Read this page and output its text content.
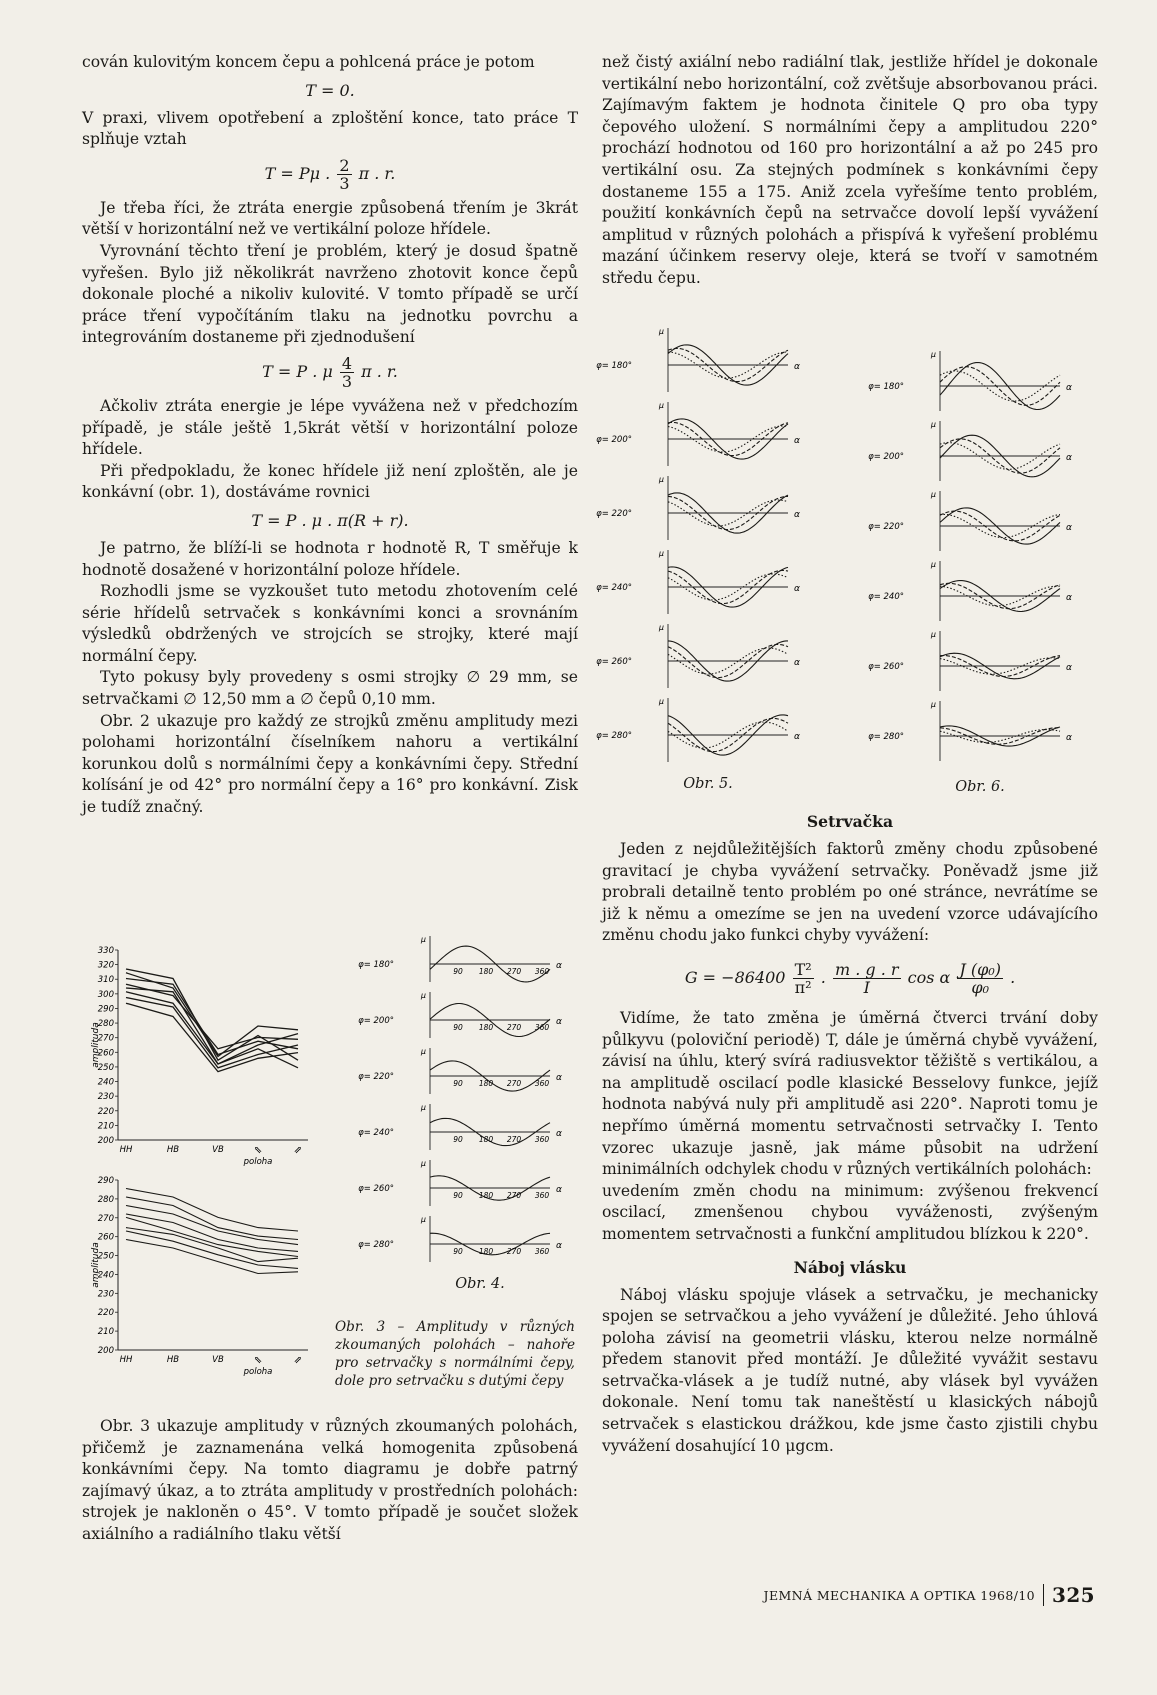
cován kulovitým koncem čepu a pohlcená práce je potom

T = 0.

V praxi, vlivem opotřebení a zploštění konce, tato práce T splňuje vztah

T = Pμ . $\frac{2}{3}$ π . r.

Je třeba říci, že ztráta energie způsobená třením je 3krát větší v horizontální než ve vertikální poloze hřídele.

Vyrovnání těchto tření je problém, který je dosud špatně vyřešen. Bylo již několikrát navrženo zhotovit konce čepů dokonale ploché a nikoliv kulovité. V tomto případě se určí práce tření vypočítáním tlaku na jednotku povrchu a integrováním dostaneme při zjednodušení

T = P . μ $\frac{4}{3}$ π . r.

Ačkoliv ztráta energie je lépe vyvážena než v předchozím případě, je stále ještě 1,5krát větší v horizontální poloze hřídele.

Při předpokladu, že konec hřídele již není zploštěn, ale je konkávní (obr. 1), dostáváme rovnici

T = P . μ . π(R + r).

Je patrno, že blíží-li se hodnota r hodnotě R, T směřuje k hodnotě dosažené v horizontální poloze hřídele.

Rozhodli jsme se vyzkoušet tuto metodu zhotovením celé série hřídelů setrvaček s konkávními konci a srovnáním výsledků obdržených ve strojcích se strojky, které mají normální čepy.

Tyto pokusy byly provedeny s osmi strojky ∅ 29 mm, se setrvačkami ∅ 12,50 mm a ∅ čepů 0,10 mm.

Obr. 2 ukazuje pro každý ze strojků změnu amplitudy mezi polohami horizontální číselníkem nahoru a vertikální korunkou dolů s normálními čepy a konkávními čepy. Střední kolísání je od 42° pro normální čepy a 16° pro konkávní. Zisk je tudíž značný.

Obr. 3 ukazuje amplitudy v různých zkoumaných polohách, přičemž je zaznamenána velká homogenita způsobená konkávními čepy. Na tomto diagramu je dobře patrný zajímavý úkaz, a to ztráta amplitudy v prostředních polohách: strojek je nakloněn o 45°. V tomto případě je součet složek axiálního a radiálního tlaku větší

než čistý axiální nebo radiální tlak, jestliže hřídel je dokonale vertikální nebo horizontální, což zvětšuje absorbovanou práci. Zajímavým faktem je hodnota činitele Q pro oba typy čepového uložení. S normálními čepy a amplitudou 220° prochází hodnotou od 160 pro horizontální a až po 245 pro vertikální osu. Za stejných podmínek s konkávními čepy dostaneme 155 a 175. Aniž zcela vyřešíme tento problém, použití konkávních čepů na setrvačce dovolí lepší vyvážení amplitud v různých polohách a přispívá k vyřešení problému mazání účinkem reservy oleje, která se tvoří v samotném středu čepu.

Setrvačka

Jeden z nejdůležitějších faktorů změny chodu způsobené gravitací je chyba vyvážení setrvačky. Poněvadž jsme již probrali detailně tento problém po oné stránce, nevrátíme se již k němu a omezíme se jen na uvedení vzorce udávajícího změnu chodu jako funkci chyby vyvážení:

$G = -86400 \frac{\text{T²}}{\text{π²}}$ . $\frac{m . g . r}{I}$ cos α $\frac{\text{J (φ₀)}}{\text{φ₀}}$ .

Vidíme, že tato změna je úměrná čtverci trvání doby půlkyvu (poloviční periodě) T, dále je úměrná chybě vyvážení, závisí na úhlu, který svírá radiusvektor těžiště s vertikálou, a na amplitudě oscilací podle klasické Besselovy funkce, jejíž hodnota nabývá nuly při amplitudě asi 220°. Naproti tomu je nepřímo úměrná momentu setrvačnosti setrvačky I. Tento vzorec ukazuje jasně, jak máme působit na udržení minimálních odchylek chodu v různých vertikálních polohách:

uvedením změn chodu na minimum: zvýšenou frekvencí oscilací, zmenšenou chybou vyváženosti, zvýšeným momentem setrvačnosti a funkční amplitudou blízkou k 220°.

Náboj vlásku

Náboj vlásku spojuje vlásek a setrvačku, je mechanicky spojen se setrvačkou a jeho vyvážení je důležité. Jeho úhlová poloha závisí na geometrii vlásku, kterou nelze normálně předem stanovit před montáží. Je důležité vyvážit sestavu setrvačka-vlásek a je tudíž nutné, aby vlásek byl vyvážen dokonale. Není tomu tak naneštěstí u klasických nábojů setrvaček s elastickou drážkou, kde jsme často zjistili chybu vyvážení dosahující 10 μgcm.

330
320
310
300
290
280
270
260
250
240
230
220
210
200
HH	HB	VB	⇖	⇗
poloha
amplituda
290
280
270
260
250
240
230
220
210
200
HH	HB	VB	⇖	⇗
poloha
amplituda
μ
φ= 180°	α
μ
φ= 200°	α
μ
φ= 220°	α
μ
φ= 240°	α
μ
φ= 260°	α
μ
φ= 280°	α
90 180 270 360
90 180 270 360
90 180 270 360
90 180 270 360
90 180 270 360
90 180 270 360
Obr. 4.
Obr. 3 – Amplitudy v různých zkoumaných polohách – nahoře pro setrvačky s normálními čepy, dole pro setrvačku s dutými čepy
μ
φ= 180°	α
μ
φ= 200°	α
μ
φ= 220°	α
μ
φ= 240°	α
μ
φ= 260°	α
μ
φ= 280°	α
Obr. 5.
μ
φ= 180°	α
μ
φ= 200°	α
μ
φ= 220°	α
μ
φ= 240°	α
μ
φ= 260°	α
μ
φ= 280°	α
Obr. 6.
JEMNÁ MECHANIKA A OPTIKA 1968/10 325
